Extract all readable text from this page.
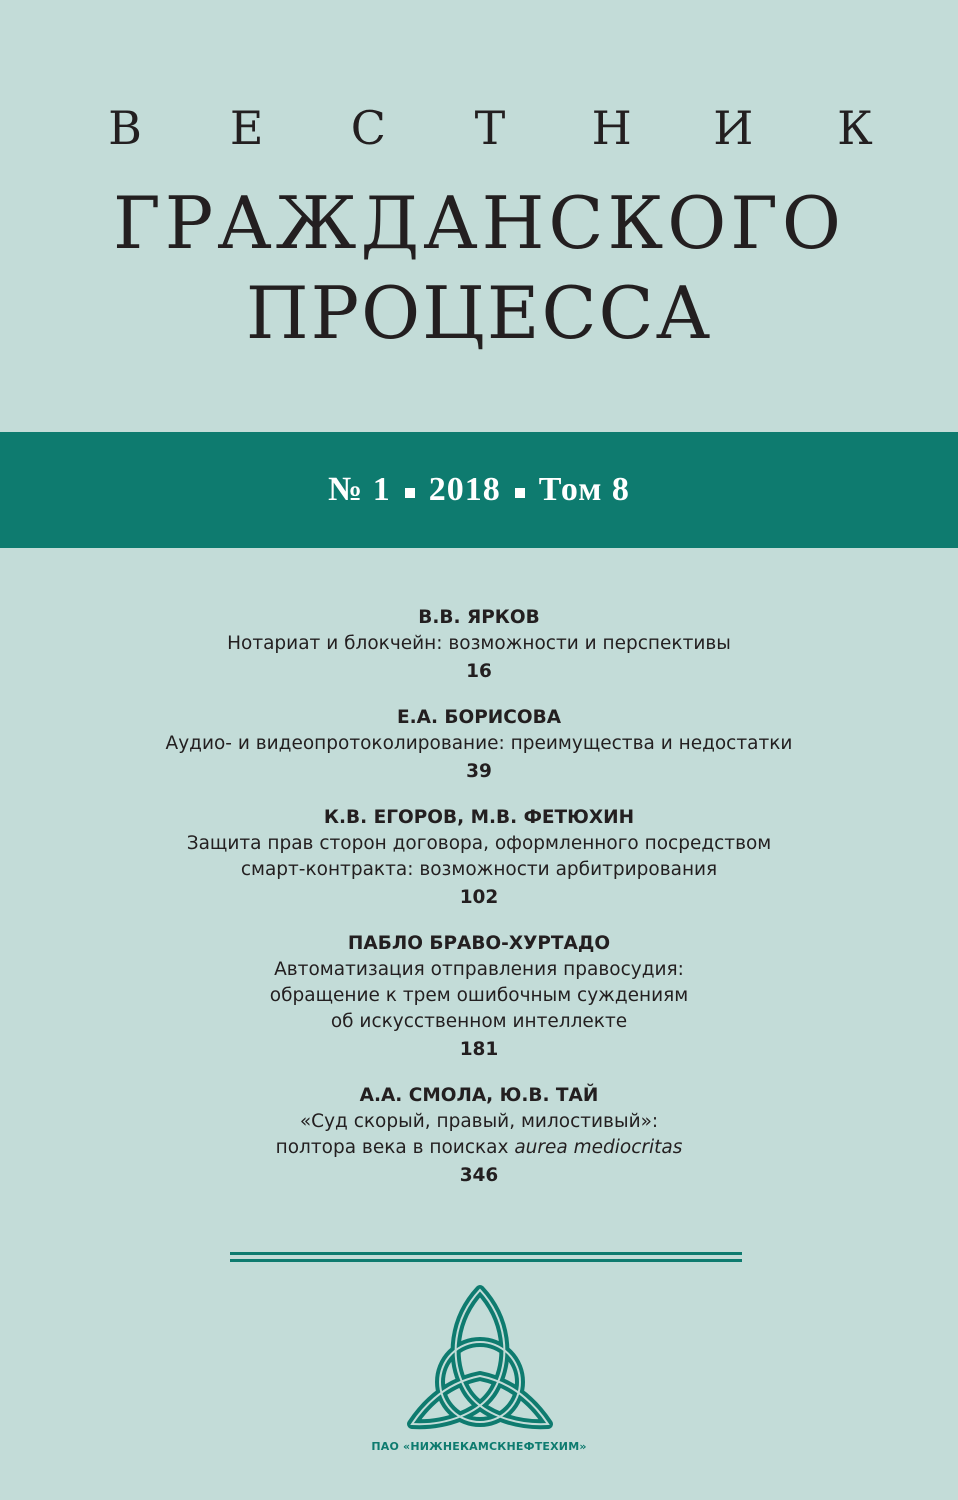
В Е С	Т	Н И К
ГРАЖДАНСКОГО
ПРОЦЕССА
№ 1 2018 Том 8
В.В. ЯРКОВ
Нотариат и блокчейн: возможности и перспективы
16
Е.А. БОРИСОВА
Аудио- и видеопротоколирование: преимущества и недостатки
39
К.В. ЕГОРОВ, М.В. ФЕТЮХИН
Защита прав сторон договора, оформленного посредством
смарт-контракта: возможности арбитрирования
102
ПАБЛО БРАВО-ХУРТАДО
Автоматизация отправления правосудия:
обращение к трем ошибочным суждениям
об искусственном интеллекте
181
А.А. СМОЛА, Ю.В. ТАЙ
«Суд скорый, правый, милостивый»:
полтора века в поисках aurea mediocritas
346
ПАО «НИЖНЕКАМСКНЕФТЕХИМ»
